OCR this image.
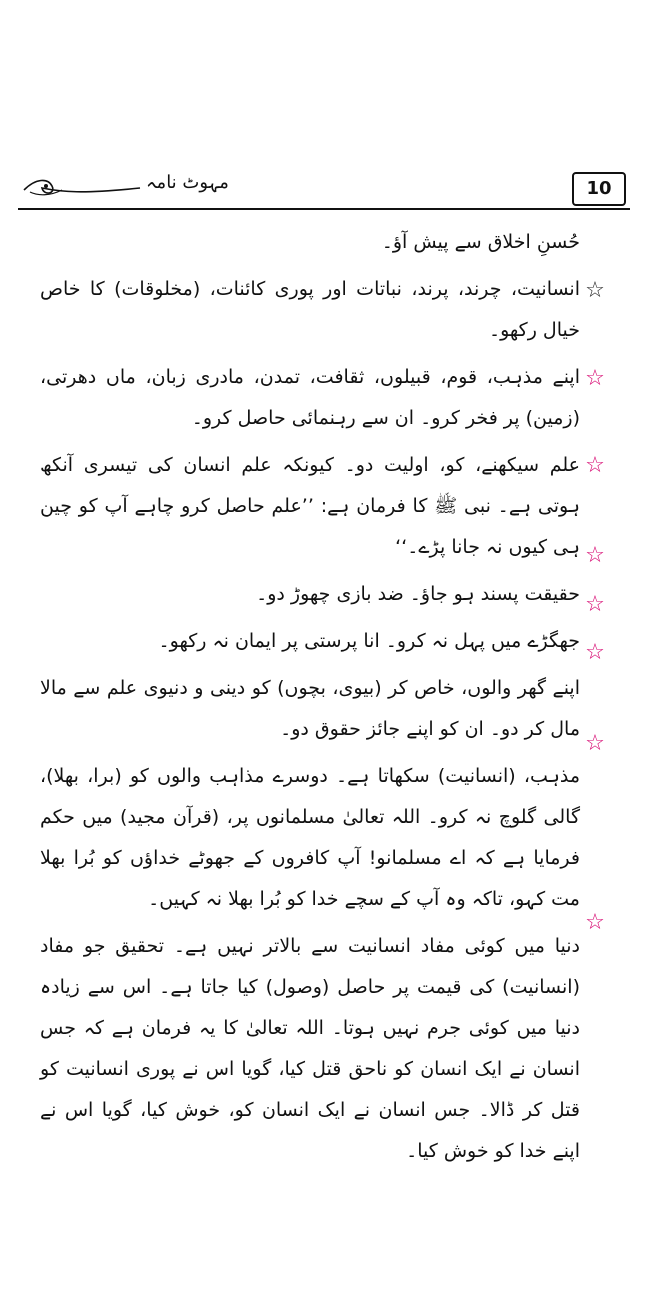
مہوٹ نامہ	10

حُسنِ اخلاق سے پیش آؤ۔

انسانیت، چرند، پرند، نباتات اور پوری کائنات، (مخلوقات) کا خاص خیال رکھو۔

اپنے مذہب، قوم، قبیلوں، ثقافت، تمدن، مادری زبان، ماں دھرتی، (زمین) پر فخر کرو۔ ان سے رہنمائی حاصل کرو۔

علم سیکھنے، کو، اولیت دو۔ کیونکہ علم انسان کی تیسری آنکھ ہوتی ہے۔ نبی ﷺ کا فرمان ہے: ’’علم حاصل کرو چاہے آپ کو چین ہی کیوں نہ جانا پڑے۔‘‘

حقیقت پسند ہو جاؤ۔ ضد بازی چھوڑ دو۔

جھگڑے میں پہل نہ کرو۔ انا پرستی پر ایمان نہ رکھو۔

اپنے گھر والوں، خاص کر (بیوی، بچوں) کو دینی و دنیوی علم سے مالا مال کر دو۔ ان کو اپنے جائز حقوق دو۔

مذہب، (انسانیت) سکھاتا ہے۔ دوسرے مذاہب والوں کو (برا، بھلا)، گالی گلوچ نہ کرو۔ اللہ تعالیٰ مسلمانوں پر، (قرآن مجید) میں حکم فرمایا ہے کہ اے مسلمانو! آپ کافروں کے جھوٹے خداؤں کو بُرا بھلا مت کہو، تاکہ وہ آپ کے سچے خدا کو بُرا بھلا نہ کہیں۔

دنیا میں کوئی مفاد انسانیت سے بالاتر نہیں ہے۔ تحقیق جو مفاد (انسانیت) کی قیمت پر حاصل (وصول) کیا جاتا ہے۔ اس سے زیادہ دنیا میں کوئی جرم نہیں ہوتا۔ اللہ تعالیٰ کا یہ فرمان ہے کہ جس انسان نے ایک انسان کو ناحق قتل کیا، گویا اس نے پوری انسانیت کو قتل کر ڈالا۔ جس انسان نے ایک انسان کو، خوش کیا، گویا اس نے اپنے خدا کو خوش کیا۔

☆
☆
☆
☆
☆
☆
☆
☆
